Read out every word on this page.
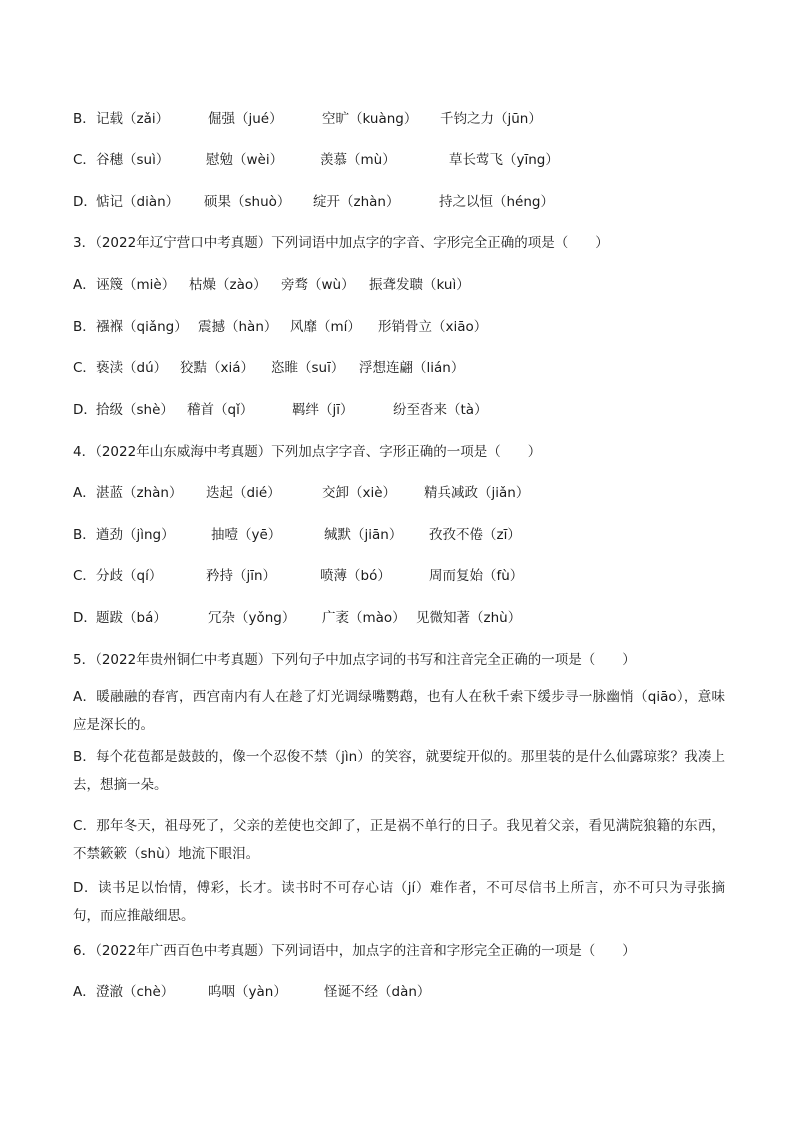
B． 记载（zǎi）	倔强（jué）	空旷（kuàng） 千钧之力（jūn）
C． 谷穗（suì）	慰勉（wèi）	羡慕（mù）	草长莺飞（yīng）
D． 惦记（diàn） 硕果（shuò） 绽开（zhàn）	持之以恒（héng）
3．（2022年辽宁营口中考真题）下列词语中加点字的字音、字形完全正确的项是（　　）
A． 诬篾（miè） 枯燥（zào） 旁骛（wù） 振聋发聩（kuì）
B． 襁褓（qiǎng） 震撼（hàn） 风靡（mí） 形销骨立（xiāo）
C． 亵渎（dú） 狡黠（xiá） 恣睢（suī） 浮想连翩（lián）
D． 拾级（shè） 稽首（qǐ）	羁绊（jī）	纷至沓来（tà）
4．（2022年山东威海中考真题）下列加点字字音、字形正确的一项是（　　）
A． 湛蓝（zhàn） 迭起（dié）	交卸（xiè） 精兵减政（jiǎn）
B． 遒劲（jìng）	抽噎（yē）	缄默（jiān） 孜孜不倦（zī）
C． 分歧（qí）	矜持（jīn）	喷薄（bó）	周而复始（fù）
D． 题跋（bá）	冗杂（yǒng） 广袤（mào） 见微知著（zhù）
5．（2022年贵州铜仁中考真题）下列句子中加点字词的书写和注音完全正确的一项是（　　）
A．暖融融的春宵，西宫南内有人在趁了灯光调绿嘴鹦鹉，也有人在秋千索下缓步寻一脉幽悄（qiāo），意味应是深长的。
B．每个花苞都是鼓鼓的，像一个忍俊不禁（jìn）的笑容，就要绽开似的。那里装的是什么仙露琼浆？我凑上去，想摘一朵。
C．那年冬天，祖母死了，父亲的差使也交卸了，正是祸不单行的日子。我见着父亲，看见满院狼籍的东西，不禁簌簌（shù）地流下眼泪。
D．读书足以怡情，傅彩，长才。读书时不可存心诘（jí）难作者，不可尽信书上所言，亦不可只为寻张摘句，而应推敲细思。
6．（2022年广西百色中考真题）下列词语中，加点字的注音和字形完全正确的一项是（　　）
A． 澄澈（chè） 呜咽（yàn）	怪诞不经（dàn）
